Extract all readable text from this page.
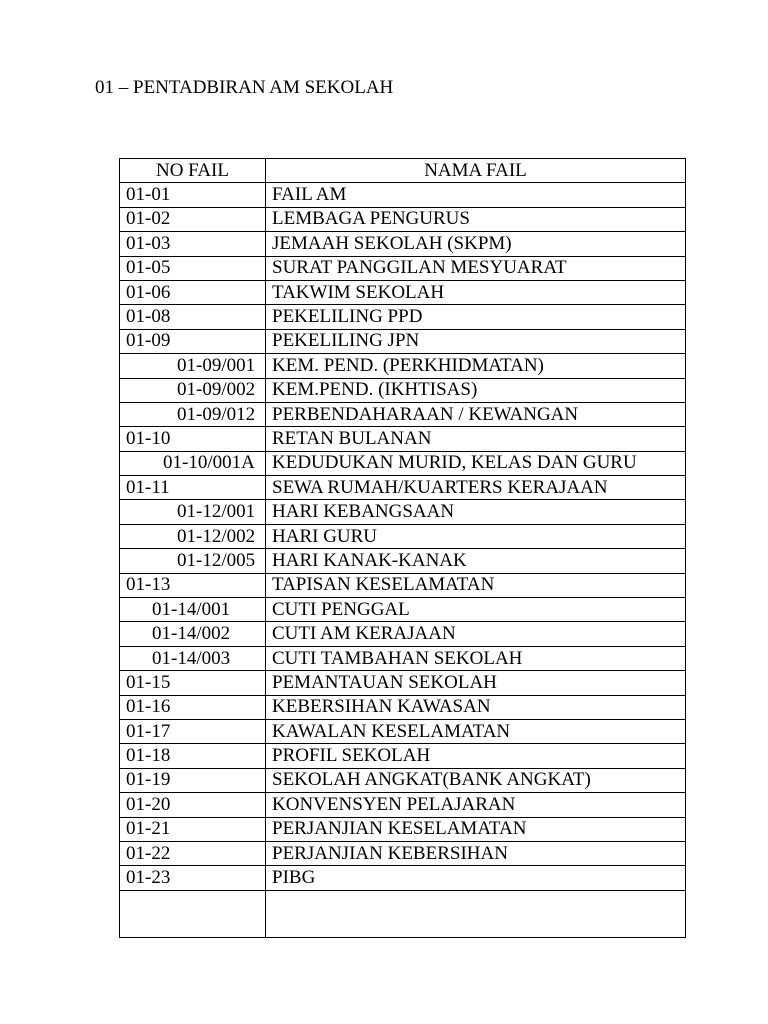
01 – PENTADBIRAN AM SEKOLAH
NO FAIL	NAMA FAIL
01-01	FAIL AM
01-02	LEMBAGA PENGURUS
01-03	JEMAAH SEKOLAH (SKPM)
01-05	SURAT PANGGILAN MESYUARAT
01-06	TAKWIM SEKOLAH
01-08	PEKELILING PPD
01-09	PEKELILING JPN
01-09/001	KEM. PEND. (PERKHIDMATAN)
01-09/002	KEM.PEND. (IKHTISAS)
01-09/012	PERBENDAHARAAN / KEWANGAN
01-10	RETAN BULANAN
01-10/001A	KEDUDUKAN MURID, KELAS DAN GURU
01-11	SEWA RUMAH/KUARTERS KERAJAAN
01-12/001	HARI KEBANGSAAN
01-12/002	HARI GURU
01-12/005	HARI KANAK-KANAK
01-13	TAPISAN KESELAMATAN
01-14/001	CUTI PENGGAL
01-14/002	CUTI AM KERAJAAN
01-14/003	CUTI TAMBAHAN SEKOLAH
01-15	PEMANTAUAN SEKOLAH
01-16	KEBERSIHAN KAWASAN
01-17	KAWALAN KESELAMATAN
01-18	PROFIL SEKOLAH
01-19	SEKOLAH ANGKAT(BANK ANGKAT)
01-20	KONVENSYEN PELAJARAN
01-21	PERJANJIAN KESELAMATAN
01-22	PERJANJIAN KEBERSIHAN
01-23	PIBG
